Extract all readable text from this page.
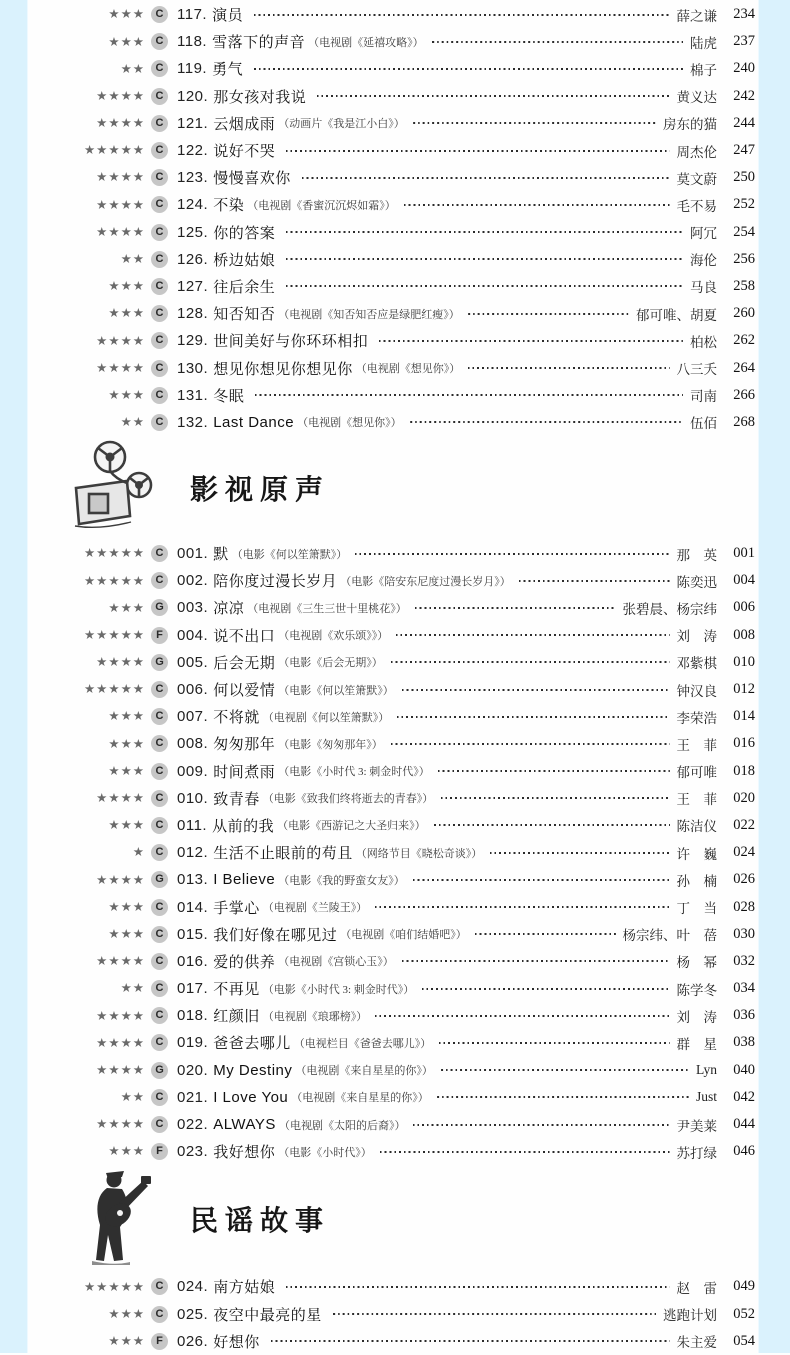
★★★ C 117. 演员	薛之谦	234
★★★ C 118. 雪落下的声音 （电视剧《延禧攻略》）	陆虎	237
★★ C 119. 勇气	棉子	240
★★★★ C 120. 那女孩对我说	黄义达	242
★★★★ C 121. 云烟成雨 （动画片《我是江小白》）	房东的猫	244
★★★★★ C 122. 说好不哭	周杰伦	247
★★★★ C 123. 慢慢喜欢你	莫文蔚	250
★★★★ C 124. 不染 （电视剧《香蜜沉沉烬如霜》）	毛不易	252
★★★★ C 125. 你的答案	阿冗	254
★★ C 126. 桥边姑娘	海伦	256
★★★ C 127. 往后余生	马良	258
★★★ C 128. 知否知否 （电视剧《知否知否应是绿肥红瘦》）	郁可唯、胡夏	260
★★★★ C 129. 世间美好与你环环相扣	柏松	262
★★★★ C 130. 想见你想见你想见你 （电视剧《想见你》）	八三夭	264
★★★ C 131. 冬眠	司南	266
★★ C 132. Last Dance （电视剧《想见你》）	伍佰	268
影视原声
★★★★★ C 001. 默 （电影《何以笙箫默》）	那　英	001
★★★★★ C 002. 陪你度过漫长岁月 （电影《陪安东尼度过漫长岁月》）	陈奕迅	004
★★★ G 003. 凉凉 （电视剧《三生三世十里桃花》）	张碧晨、杨宗纬	006
★★★★★	F 004. 说不出口 （电视剧《欢乐颂》》）	刘　涛	008
★★★★ G 005. 后会无期 （电影《后会无期》）	邓紫棋	010
★★★★★ C 006. 何以爱情 （电影《何以笙箫默》）	钟汉良	012
★★★ C 007. 不将就 （电视剧《何以笙箫默》）	李荣浩	014
★★★ C 008. 匆匆那年 （电影《匆匆那年》）	王　菲	016
★★★ C 009. 时间煮雨 （电影《小时代 3: 刺金时代》）	郁可唯	018
★★★★ C 010. 致青春 （电影《致我们终将逝去的青春》）	王　菲	020
★★★ C 011. 从前的我 （电影《西游记之大圣归来》）	陈洁仪	022
★ C 012. 生活不止眼前的苟且 （网络节目《晓松奇谈》）	许　巍	024
★★★★ G 013. I Believe （电影《我的野蛮女友》）	孙　楠	026
★★★ C 014. 手掌心 （电视剧《兰陵王》）	丁　当	028
★★★ C 015. 我们好像在哪见过 （电视剧《咱们结婚吧》）	杨宗纬、叶　蓓	030
★★★★ C 016. 爱的供养 （电视剧《宫锁心玉》）	杨　幂	032
★★ C 017. 不再见 （电影《小时代 3: 刺金时代》）	陈学冬	034
★★★★ C 018. 红颜旧 （电视剧《琅琊榜》）	刘　涛	036
★★★★ C 019. 爸爸去哪儿 （电视栏目《爸爸去哪儿》）	群　星	038
★★★★ G 020. My Destiny （电视剧《来自星星的你》）	Lyn	040
★★ C 021. I Love You （电视剧《来自星星的你》）	Just	042
★★★★ C 022. ALWAYS （电视剧《太阳的后裔》）	尹美莱	044
★★★	F 023. 我好想你 （电影《小时代》）	苏打绿	046
民谣故事
★★★★★ C 024. 南方姑娘	赵　雷	049
★★★ C 025. 夜空中最亮的星	逃跑计划	052
★★★	F 026. 好想你	朱主爱	054
